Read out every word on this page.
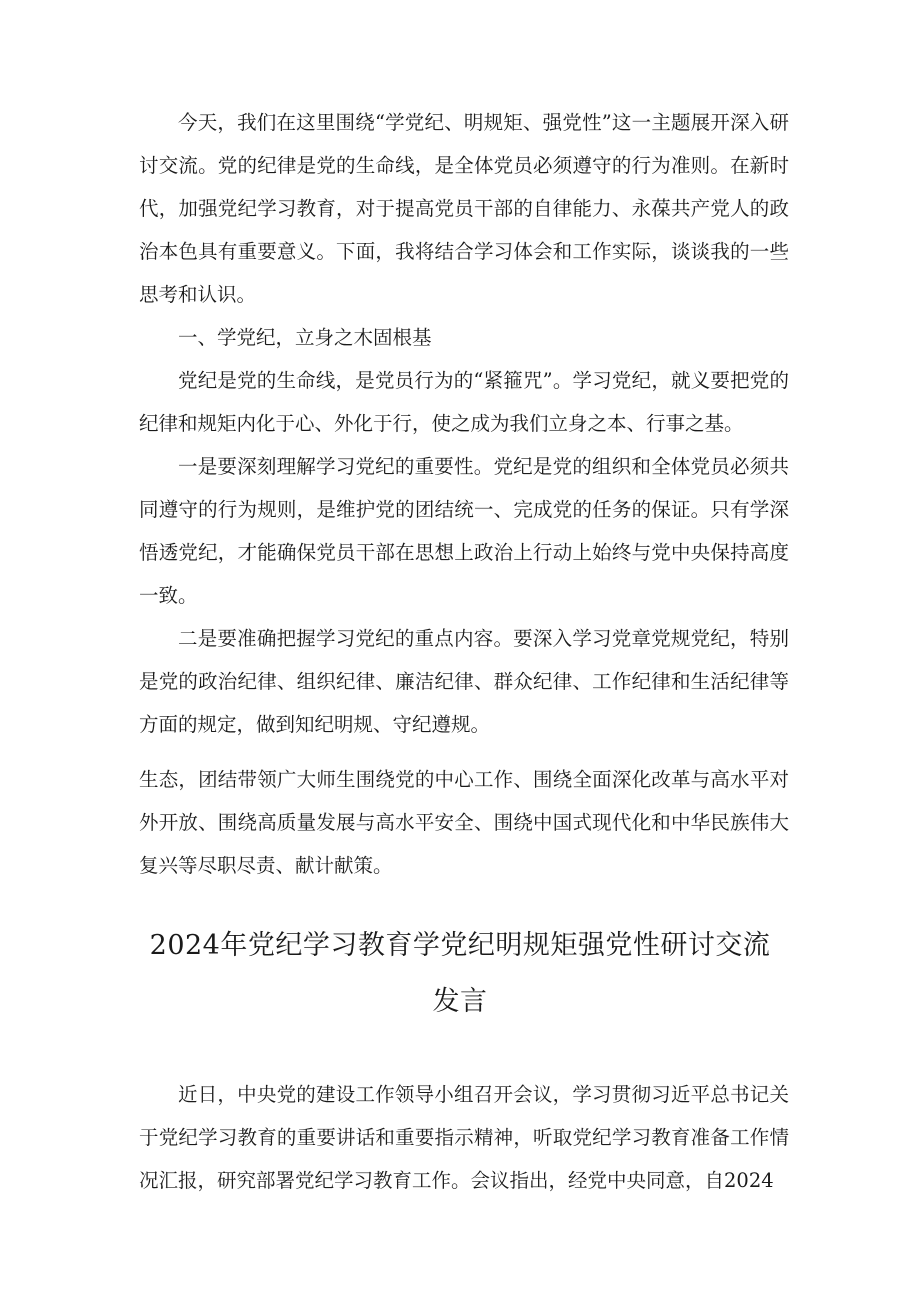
今天，我们在这里围绕“学党纪、明规矩、强党性”这一主题展开深入研讨交流。党的纪律是党的生命线，是全体党员必须遵守的行为准则。在新时代，加强党纪学习教育，对于提高党员干部的自律能力、永葆共产党人的政治本色具有重要意义。下面，我将结合学习体会和工作实际，谈谈我的一些思考和认识。

一、学党纪，立身之木固根基

党纪是党的生命线，是党员行为的“紧箍咒”。学习党纪，就义要把党的纪律和规矩内化于心、外化于行，使之成为我们立身之本、行事之基。

一是要深刻理解学习党纪的重要性。党纪是党的组织和全体党员必须共同遵守的行为规则，是维护党的团结统一、完成党的任务的保证。只有学深悟透党纪，才能确保党员干部在思想上政治上行动上始终与党中央保持高度一致。

二是要准确把握学习党纪的重点内容。要深入学习党章党规党纪，特别是党的政治纪律、组织纪律、廉洁纪律、群众纪律、工作纪律和生活纪律等方面的规定，做到知纪明规、守纪遵规。

生态，团结带领广大师生围绕党的中心工作、围绕全面深化改革与高水平对外开放、围绕高质量发展与高水平安全、围绕中国式现代化和中华民族伟大复兴等尽职尽责、献计献策。

2024年党纪学习教育学党纪明规矩强党性研讨交流
发言

近日，中央党的建设工作领导小组召开会议，学习贯彻习近平总书记关于党纪学习教育的重要讲话和重要指示精神，听取党纪学习教育准备工作情况汇报，研究部署党纪学习教育工作。会议指出，经党中央同意，自2024
